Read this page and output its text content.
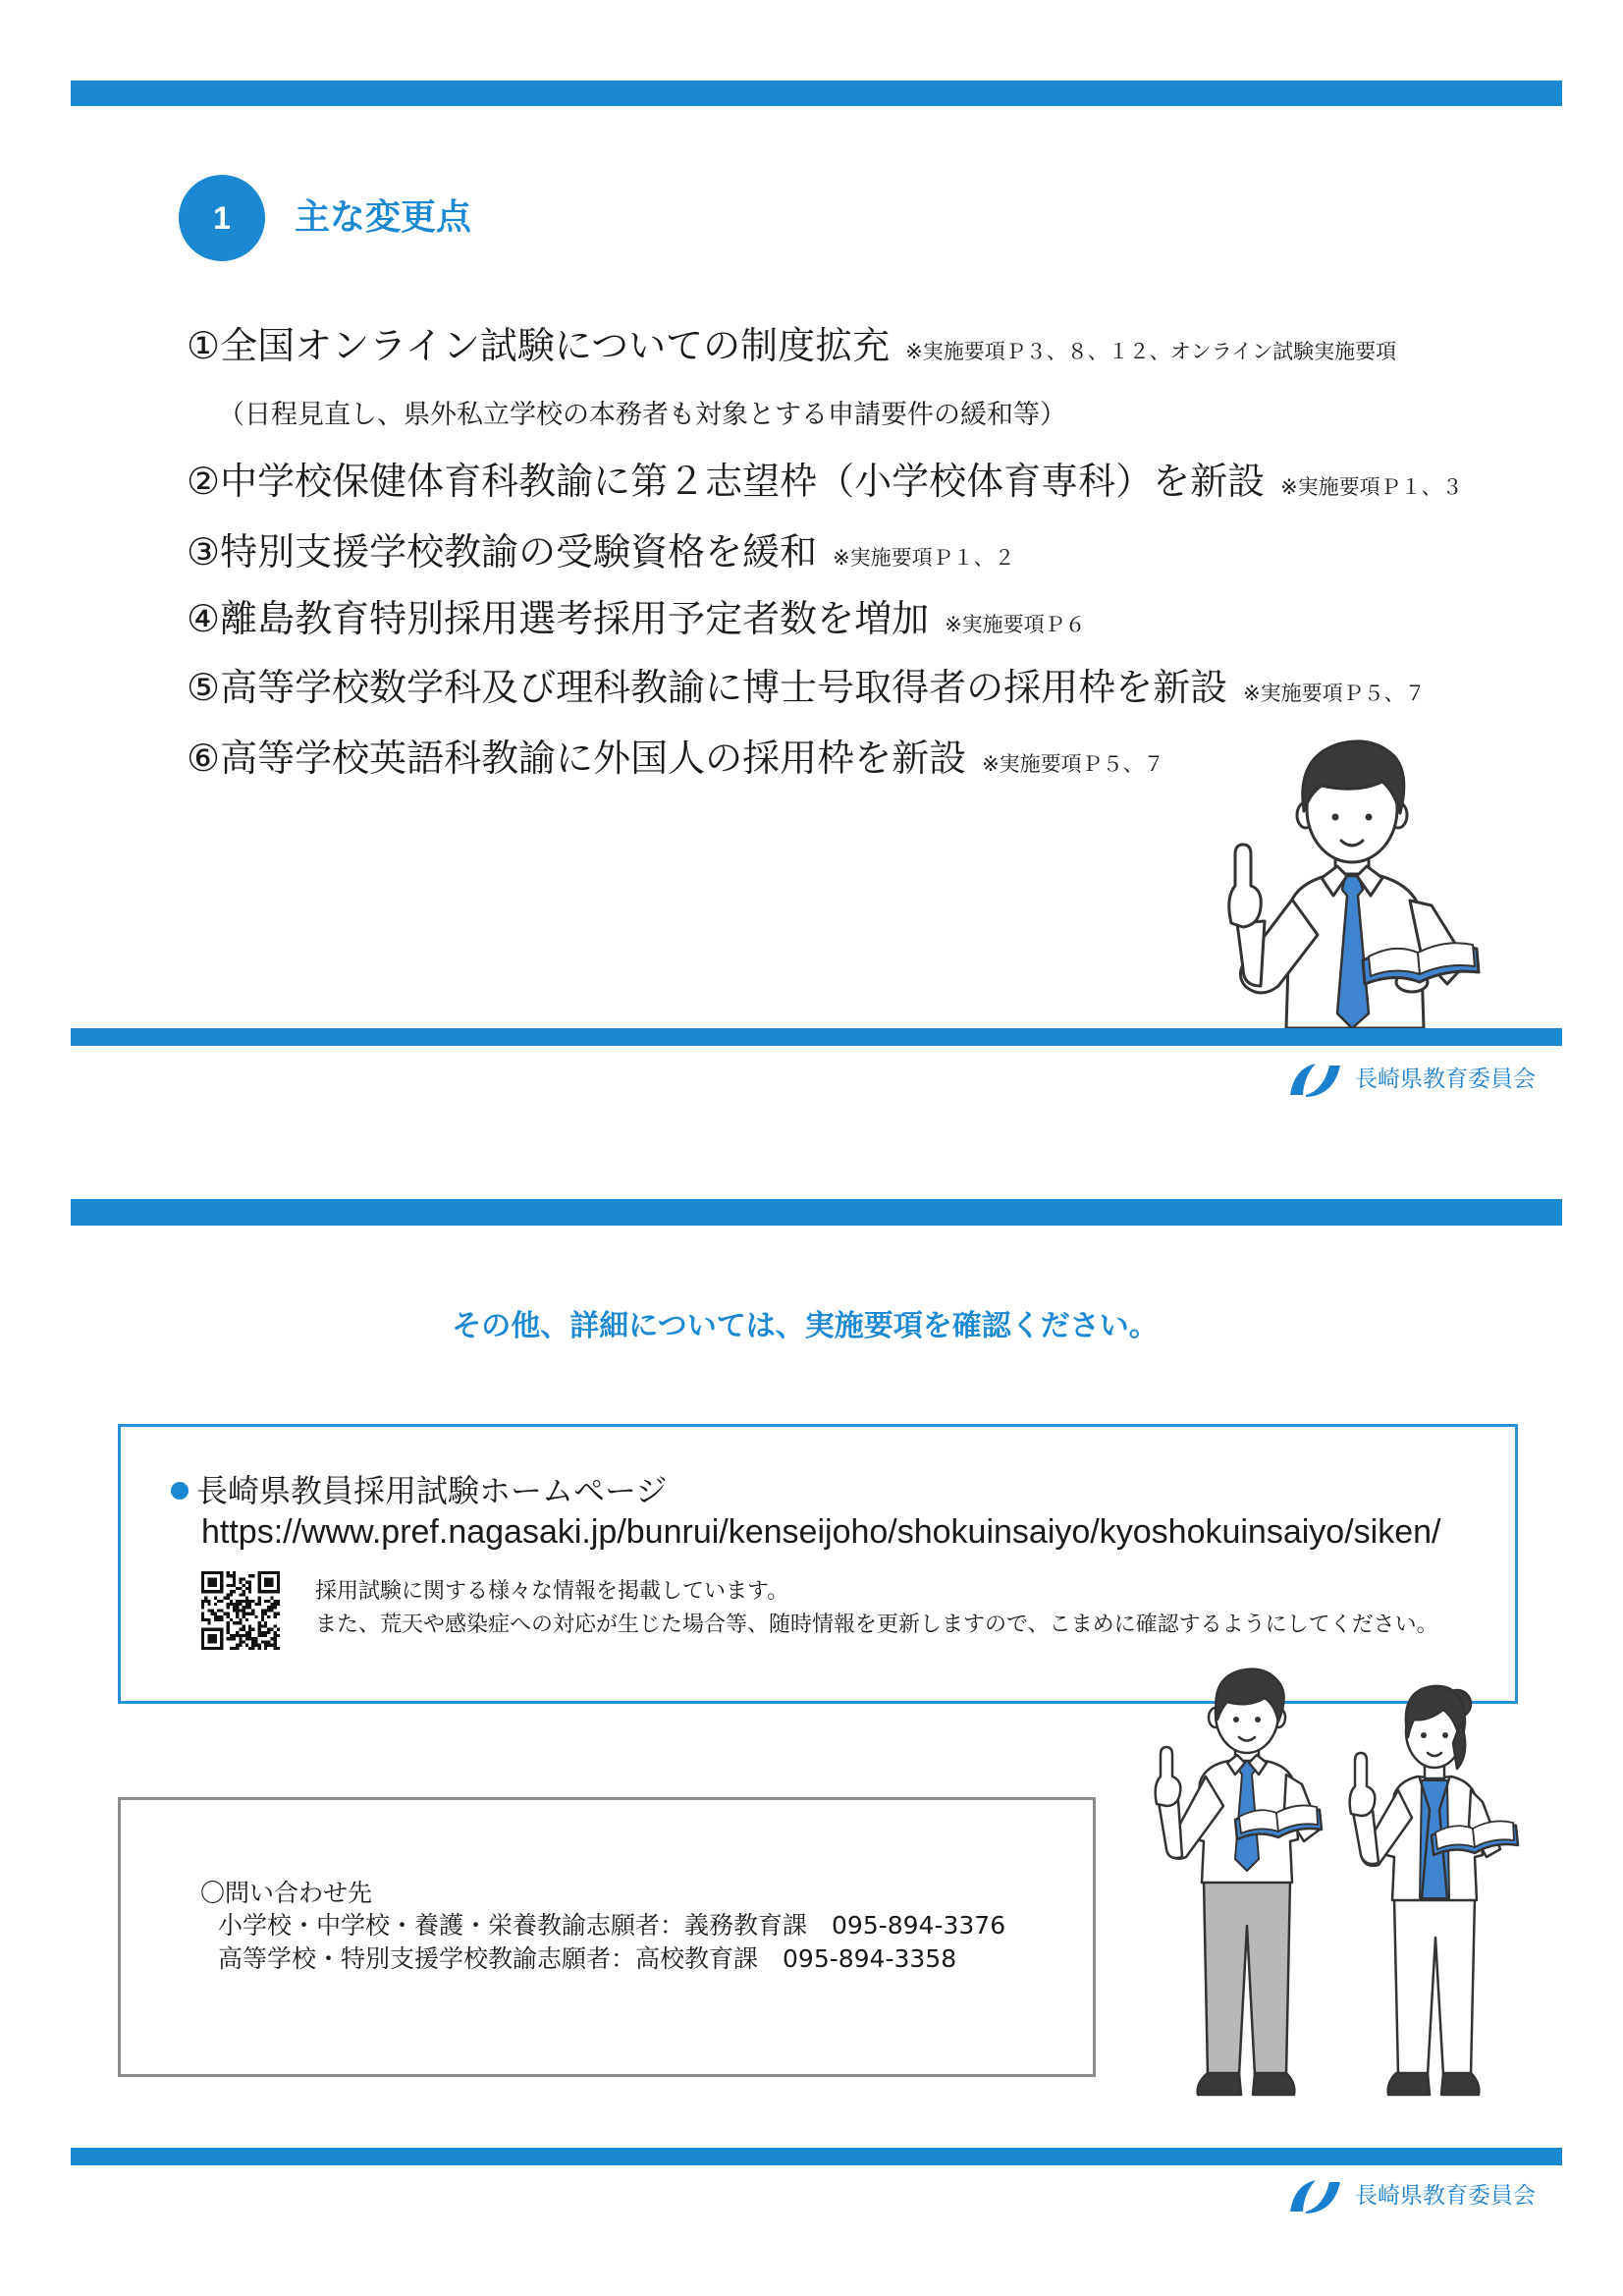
1 主な変更点
①全国オンライン試験についての制度拡充 ※実施要項Ｐ３、８、１２、オンライン試験実施要項
（日程見直し、県外私立学校の本務者も対象とする申請要件の緩和等）
②中学校保健体育科教諭に第２志望枠（小学校体育専科）を新設 ※実施要項Ｐ１、３
③特別支援学校教諭の受験資格を緩和 ※実施要項Ｐ１、２
④離島教育特別採用選考採用予定者数を増加 ※実施要項Ｐ６
⑤高等学校数学科及び理科教諭に博士号取得者の採用枠を新設 ※実施要項Ｐ５、７
⑥高等学校英語科教諭に外国人の採用枠を新設 ※実施要項Ｐ５、７
長崎県教育委員会
その他、詳細については、実施要項を確認ください。
長崎県教員採用試験ホームページ
https://www.pref.nagasaki.jp/bunrui/kenseijoho/shokuinsaiyo/kyoshokuinsaiyo/siken/
採用試験に関する様々な情報を掲載しています。
また、荒天や感染症への対応が生じた場合等、随時情報を更新しますので、こまめに確認するようにしてください。
〇問い合わせ先
小学校・中学校・養護・栄養教諭志願者：義務教育課　095-894-3376
高等学校・特別支援学校教諭志願者：高校教育課　095-894-3358
長崎県教育委員会
